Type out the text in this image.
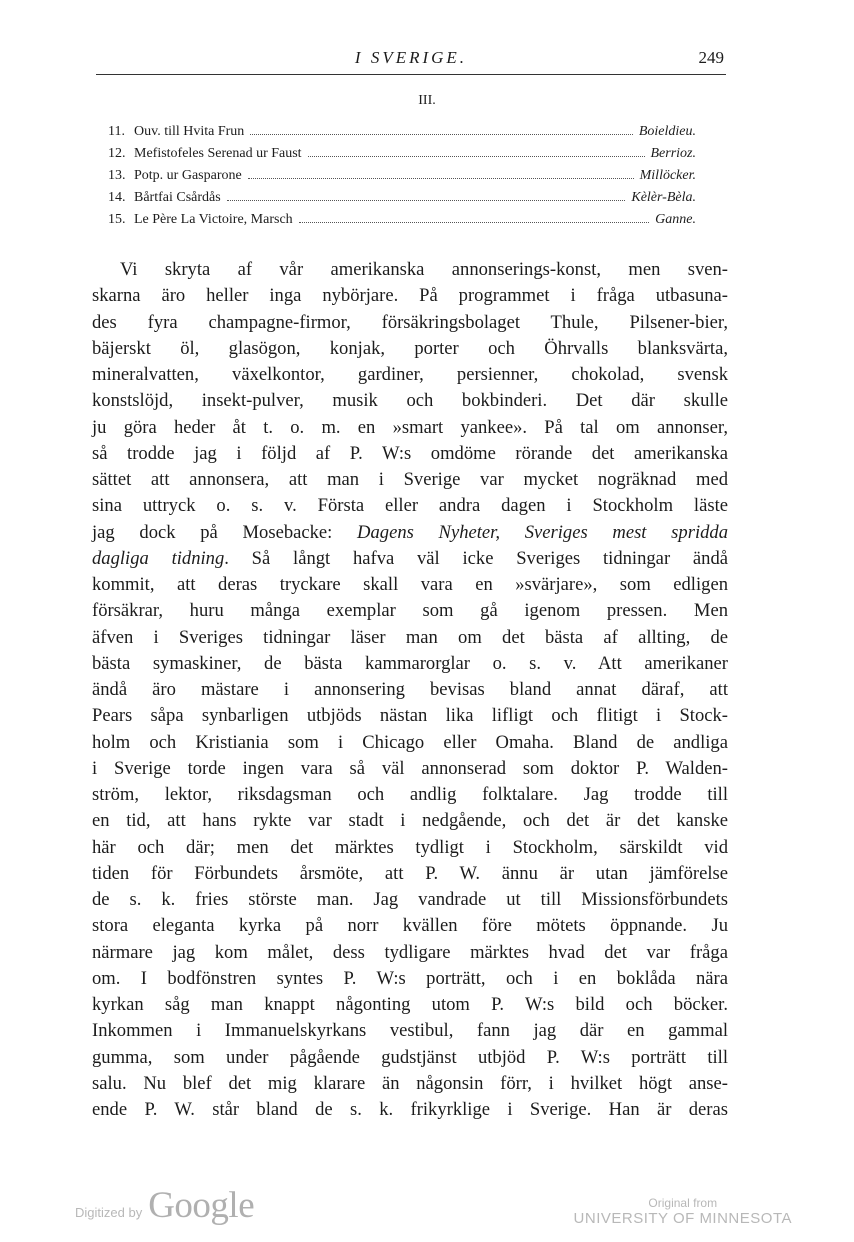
I SVERIGE.	249
III.
11. Ouv. till Hvita Frun	Boieldieu.
12. Mefistofeles Serenad ur Faust	Berrioz.
13. Potp. ur Gasparone	Millöcker.
14. Bårtfai Csårdås	Kèlèr-Bèla.
15. Le Père La Victoire, Marsch	Ganne.
Vi skryta af vår amerikanska annonserings-konst, men sven-
skarna äro heller inga nybörjare. På programmet i fråga utbasuna-
des fyra champagne-firmor, försäkringsbolaget Thule, Pilsener-bier,
bäjerskt öl, glasögon, konjak, porter och Öhrvalls blanksvärta,
mineralvatten, växelkontor, gardiner, persienner, chokolad, svensk
konstslöjd, insekt-pulver, musik och bokbinderi. Det där skulle
ju göra heder åt t. o. m. en »smart yankee». På tal om annonser,
så trodde jag i följd af P. W:s omdöme rörande det amerikanska
sättet att annonsera, att man i Sverige var mycket nogräknad med
sina uttryck o. s. v. Första eller andra dagen i Stockholm läste
jag dock på Mosebacke: Dagens Nyheter, Sveriges mest spridda
dagliga tidning. Så långt hafva väl icke Sveriges tidningar ändå
kommit, att deras tryckare skall vara en »svärjare», som edligen
försäkrar, huru många exemplar som gå igenom pressen. Men
äfven i Sveriges tidningar läser man om det bästa af allting, de
bästa symaskiner, de bästa kammarorglar o. s. v. Att amerikaner
ändå äro mästare i annonsering bevisas bland annat däraf, att
Pears såpa synbarligen utbjöds nästan lika lifligt och flitigt i Stock-
holm och Kristiania som i Chicago eller Omaha. Bland de andliga
i Sverige torde ingen vara så väl annonserad som doktor P. Walden-
ström, lektor, riksdagsman och andlig folktalare. Jag trodde till
en tid, att hans rykte var stadt i nedgående, och det är det kanske
här och där; men det märktes tydligt i Stockholm, särskildt vid
tiden för Förbundets årsmöte, att P. W. ännu är utan jämförelse
de s. k. fries störste man. Jag vandrade ut till Missionsförbundets
stora eleganta kyrka på norr kvällen före mötets öppnande. Ju
närmare jag kom målet, dess tydligare märktes hvad det var fråga
om. I bodfönstren syntes P. W:s porträtt, och i en boklåda nära
kyrkan såg man knappt någonting utom P. W:s bild och böcker.
Inkommen i Immanuelskyrkans vestibul, fann jag där en gammal
gumma, som under pågående gudstjänst utbjöd P. W:s porträtt till
salu. Nu blef det mig klarare än någonsin förr, i hvilket högt anse-
ende P. W. står bland de s. k. frikyrklige i Sverige. Han är deras
Digitized by Google	Original from
UNIVERSITY OF MINNESOTA
